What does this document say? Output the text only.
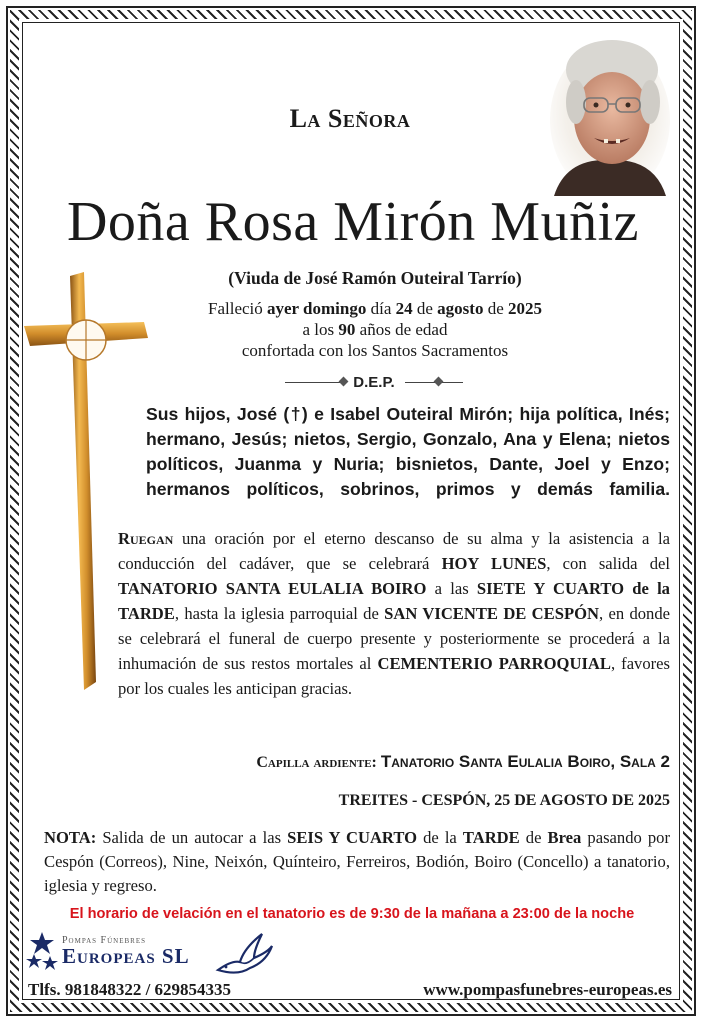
La Señora
Doña Rosa Mirón Muñiz
(Viuda de José Ramón Outeiral Tarrío)
Falleció ayer domingo día 24 de agosto de 2025
a los 90 años de edad
confortada con los Santos Sacramentos
D.E.P.
Sus hijos, José (†) e Isabel Outeiral Mirón; hija política, Inés; hermano, Jesús; nietos, Sergio, Gonzalo, Ana y Elena; nietos políticos, Juanma y Nuria; bisnietos, Dante, Joel y Enzo; hermanos políticos, sobrinos, primos y demás familia.
Ruegan una oración por el eterno descanso de su alma y la asistencia a la conducción del cadáver, que se celebrará HOY LUNES, con salida del TANATORIO SANTA EULALIA BOIRO a las SIETE Y CUARTO de la TARDE, hasta la iglesia parroquial de SAN VICENTE DE CESPÓN, en donde se celebrará el funeral de cuerpo presente y posteriormente se procederá a la inhumación de sus restos mortales al CEMENTERIO PARROQUIAL, favores por los cuales les anticipan gracias.
Capilla ardiente: Tanatorio Santa Eulalia Boiro, Sala 2
TREITES - CESPÓN, 25 DE AGOSTO DE 2025
NOTA: Salida de un autocar a las SEIS Y CUARTO de la TARDE de Brea pasando por Cespón (Correos), Nine, Neixón, Quínteiro, Ferreiros, Bodión, Boiro (Concello) a tanatorio, iglesia y regreso.
El horario de velación en el tanatorio es de 9:30 de la mañana a 23:00 de la noche
Pompas Fúnebres
Europeas SL
Tlfs. 981848322 / 629854335	www.pompasfunebres-europeas.es
